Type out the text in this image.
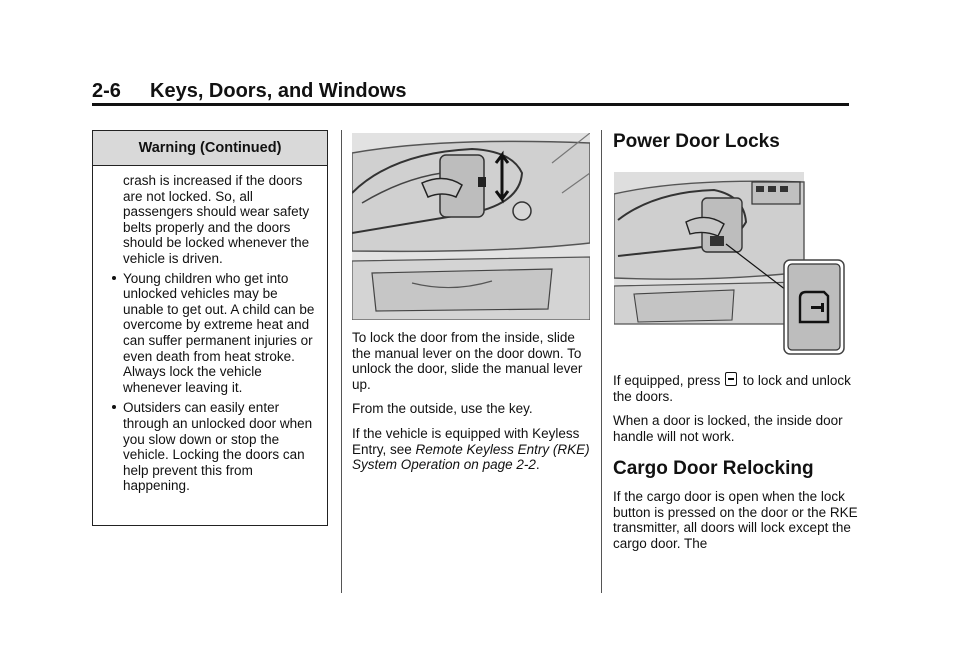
2-6 Keys, Doors, and Windows
Warning (Continued)

crash is increased if the doors are not locked. So, all passengers should wear safety belts properly and the doors should be locked whenever the vehicle is driven.

Young children who get into unlocked vehicles may be unable to get out. A child can be overcome by extreme heat and can suffer permanent injuries or even death from heat stroke. Always lock the vehicle whenever leaving it.
Outsiders can easily enter through an unlocked door when you slow down or stop the vehicle. Locking the doors can help prevent this from happening.

To lock the door from the inside, slide the manual lever on the door down. To unlock the door, slide the manual lever up.

From the outside, use the key.

If the vehicle is equipped with Keyless Entry, see Remote Keyless Entry (RKE) System Operation on page 2-2.

Power Door Locks

If equipped, press  to lock and unlock the doors.

When a door is locked, the inside door handle will not work.

Cargo Door Relocking

If the cargo door is open when the lock button is pressed on the door or the RKE transmitter, all doors will lock except the cargo door. The
